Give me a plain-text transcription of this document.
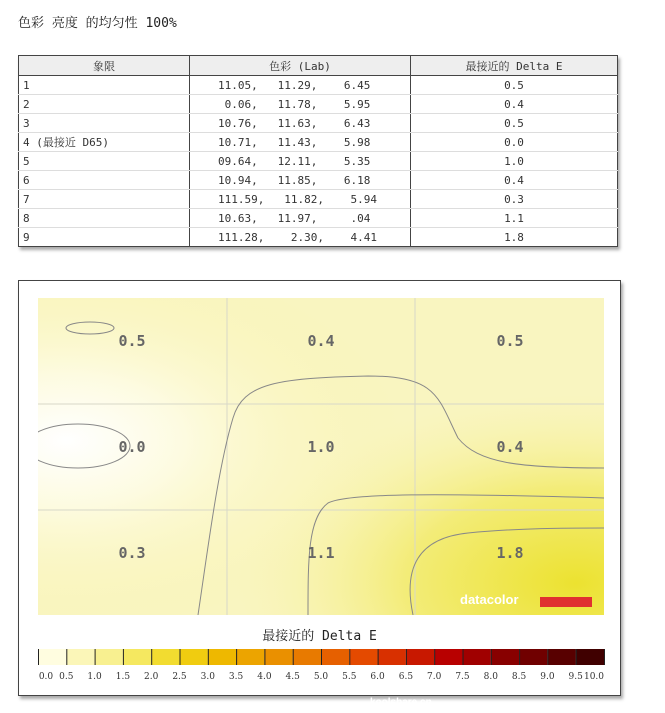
色彩 亮度 的均匀性 100%
象限	色彩 (Lab)	最接近的 Delta E
1	11.05,   11.29,    6.45	0.5
2	0.06,   11.78,    5.95	0.4
3	10.76,   11.63,    6.43	0.5
4 (最接近 D65)	10.71,   11.43,    5.98	0.0
5	09.64,   12.11,    5.35	1.0
6	10.94,   11.85,    6.18	0.4
7	111.59,   11.82,    5.94	0.3
8	10.63,   11.97,     .04	1.1
9	111.28,    2.30,    4.41	1.8
0.5	0.4	0.5
0.0	1.0	0.4
0.3	1.1	1.8
最接近的 Delta E
0.0 0.5 1.0 1.5 2.0 2.5 3.0 3.5 4.0 4.5 5.0 5.5 6.0 6.5 7.0 7.5 8.0 8.5 9.0 9.5 10.0
datacolor
KOOL SHARE
koolshare.cn
